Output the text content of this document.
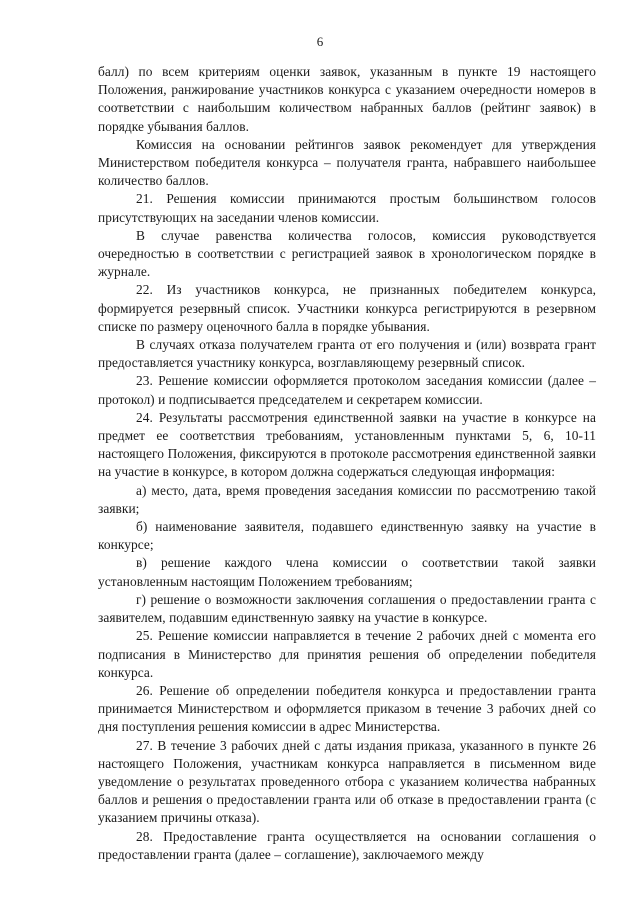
6

балл) по всем критериям оценки заявок, указанным в пункте 19 настоящего Положения, ранжирование участников конкурса с указанием очередности номеров в соответствии с наибольшим количеством набранных баллов (рейтинг заявок) в порядке убывания баллов.

Комиссия на основании рейтингов заявок рекомендует для утверждения Министерством победителя конкурса – получателя гранта, набравшего наибольшее количество баллов.

21. Решения комиссии принимаются простым большинством голосов присутствующих на заседании членов комиссии.

В случае равенства количества голосов, комиссия руководствуется очередностью в соответствии с регистрацией заявок в хронологическом порядке в журнале.

22. Из участников конкурса, не признанных победителем конкурса, формируется резервный список. Участники конкурса регистрируются в резервном списке по размеру оценочного балла в порядке убывания.

В случаях отказа получателем гранта от его получения и (или) возврата грант предоставляется участнику конкурса, возглавляющему резервный список.

23. Решение комиссии оформляется протоколом заседания комиссии (далее – протокол) и подписывается председателем и секретарем комиссии.

24. Результаты рассмотрения единственной заявки на участие в конкурсе на предмет ее соответствия требованиям, установленным пунктами 5, 6, 10-11 настоящего Положения, фиксируются в протоколе рассмотрения единственной заявки на участие в конкурсе, в котором должна содержаться следующая информация:

а) место, дата, время проведения заседания комиссии по рассмотрению такой заявки;

б) наименование заявителя, подавшего единственную заявку на участие в конкурсе;

в) решение каждого члена комиссии о соответствии такой заявки установленным настоящим Положением требованиям;

г) решение о возможности заключения соглашения о предоставлении гранта с заявителем, подавшим единственную заявку на участие в конкурсе.

25. Решение комиссии направляется в течение 2 рабочих дней с момента его подписания в Министерство для принятия решения об определении победителя конкурса.

26. Решение об определении победителя конкурса и предоставлении гранта принимается Министерством и оформляется приказом в течение 3 рабочих дней со дня поступления решения комиссии в адрес Министерства.

27. В течение 3 рабочих дней с даты издания приказа, указанного в пункте 26 настоящего Положения, участникам конкурса направляется в письменном виде уведомление о результатах проведенного отбора с указанием количества набранных баллов и решения о предоставлении гранта или об отказе в предоставлении гранта (с указанием причины отказа).

28. Предоставление гранта осуществляется на основании соглашения о предоставлении гранта (далее – соглашение), заключаемого между
